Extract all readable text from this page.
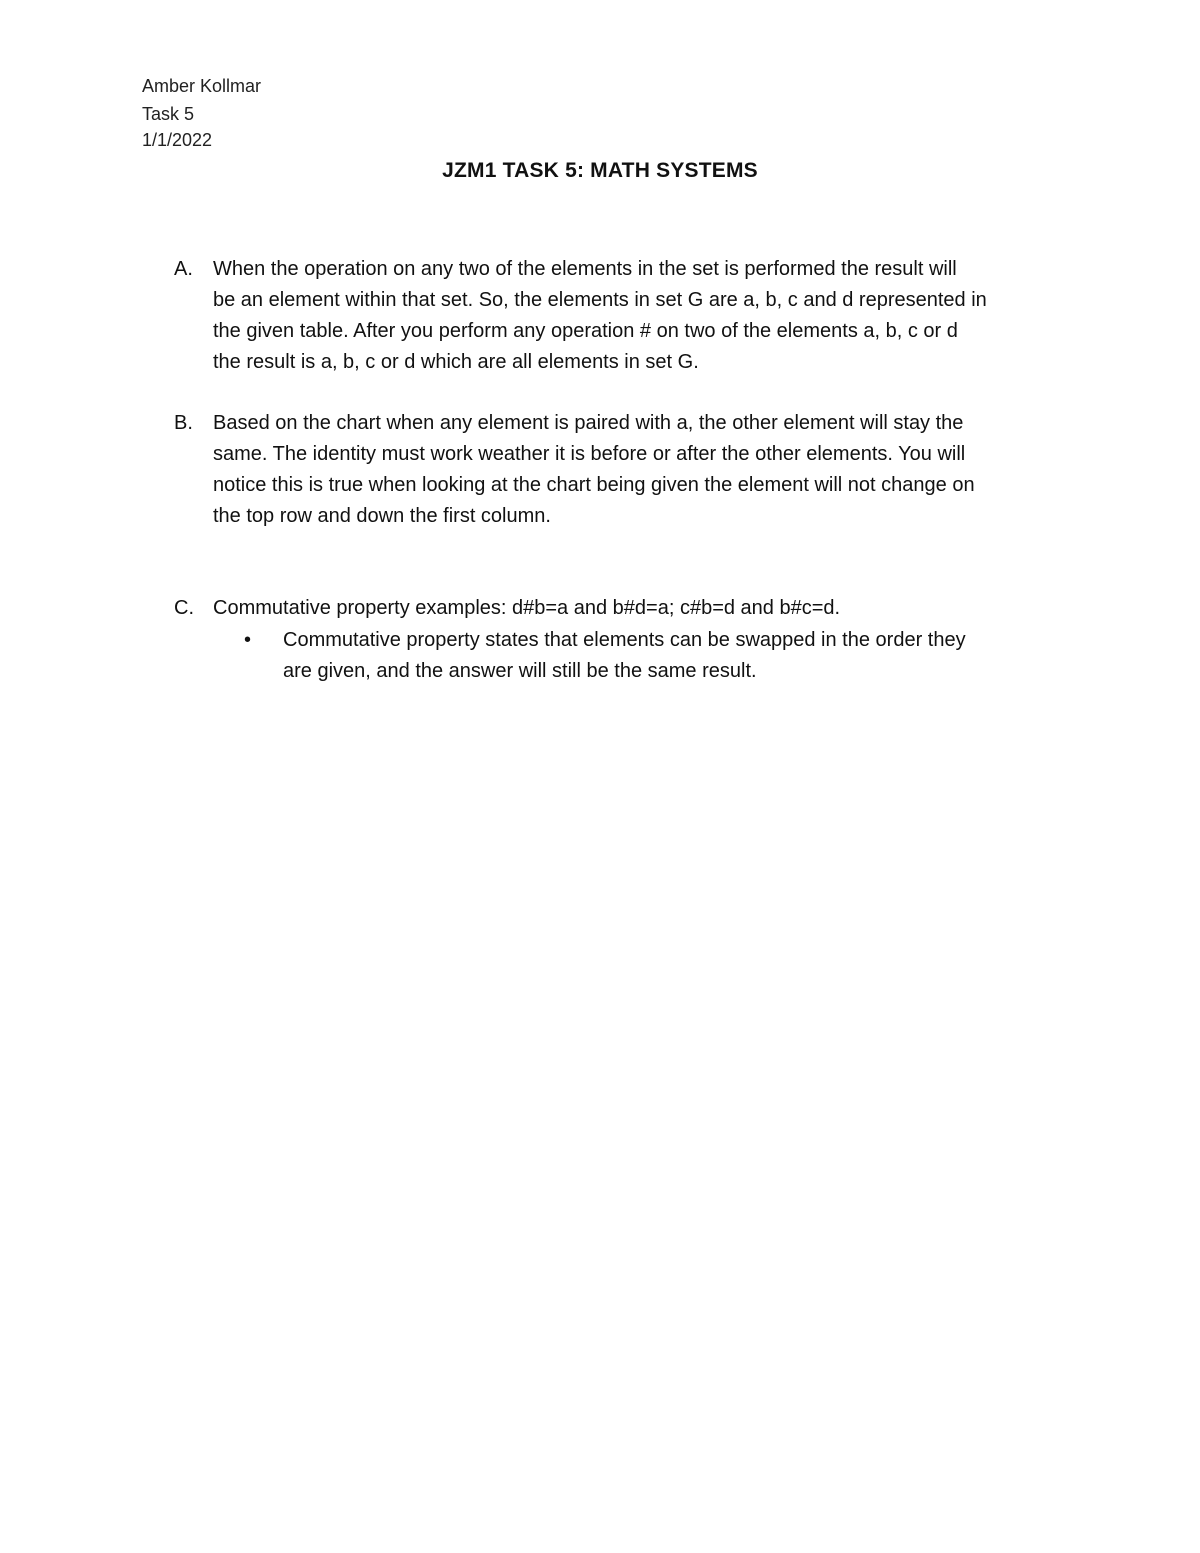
Amber Kollmar
Task 5
1/1/2022
JZM1 TASK 5: MATH SYSTEMS
A. When the operation on any two of the elements in the set is performed the result will
be an element within that set. So, the elements in set G are a, b, c and d represented in
the given table. After you perform any operation # on two of the elements a, b, c or d
the result is a, b, c or d which are all elements in set G.
B. Based on the chart when any element is paired with a, the other element will stay the
same. The identity must work weather it is before or after the other elements. You will
notice this is true when looking at the chart being given the element will not change on
the top row and down the first column.
C. Commutative property examples: d#b=a and b#d=a; c#b=d and b#c=d.
• Commutative property states that elements can be swapped in the order they
are given, and the answer will still be the same result.
